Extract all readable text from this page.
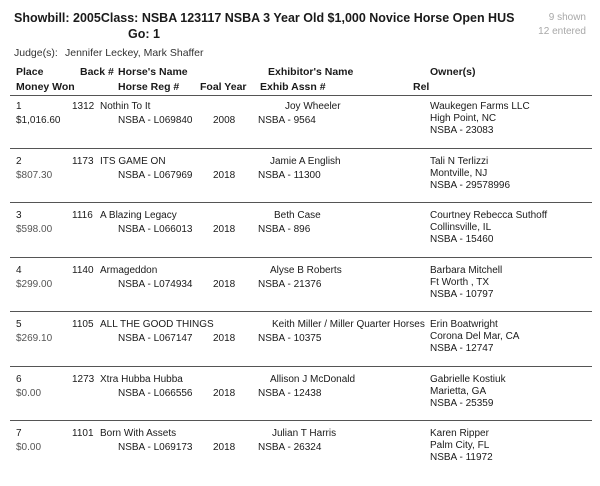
Showbill: 2005Class: NSBA 123117 NSBA 3 Year Old $1,000 Novice Horse Open HUS
Go: 1
9 shown
12 entered
Judge(s): Jennifer Leckey, Mark Shaffer
Place
Money Won
Back # Horse's Name
Horse Reg # Foal Year
Exhibitor's Name
Exhib Assn #	Rel
Owner(s)
1
$1,016.60
1312 Nothin To It
NSBA - L069840 2008
Joy Wheeler
NSBA - 9564
Waukegen Farms LLC
High Point, NC
NSBA - 23083
2
$807.30
1173 ITS GAME ON
NSBA - L067969 2018
Jamie A English
NSBA - 11300
Tali N Terlizzi
Montville, NJ
NSBA - 29578996
3
$598.00
1116 A Blazing Legacy
NSBA - L066013 2018
Beth Case
NSBA - 896
Courtney Rebecca Suthoff
Collinsville, IL
NSBA - 15460
4
$299.00
1140 Armageddon
NSBA - L074934 2018
Alyse B Roberts
NSBA - 21376
Barbara Mitchell
Ft Worth , TX
NSBA - 10797
5
$269.10
1105 ALL THE GOOD THINGS
NSBA - L067147 2018
Keith Miller / Miller Quarter Horses
NSBA - 10375
Erin Boatwright
Corona Del Mar, CA
NSBA - 12747
6
$0.00
1273 Xtra Hubba Hubba
NSBA - L066556 2018
Allison J McDonald
NSBA - 12438
Gabrielle Kostiuk
Marietta, GA
NSBA - 25359
7
$0.00
1101 Born With Assets
NSBA - L069173 2018
Julian T Harris
NSBA - 26324
Karen Ripper
Palm City, FL
NSBA - 11972
